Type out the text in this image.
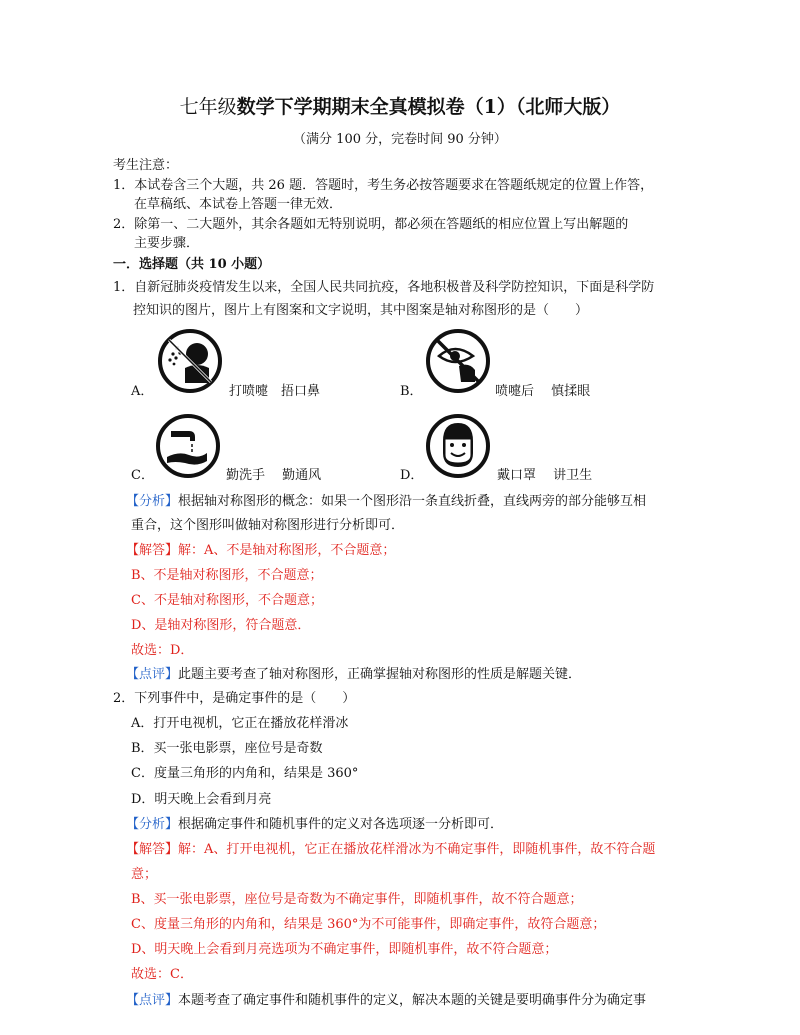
七年级数学下学期期末全真模拟卷（1）（北师大版）
（满分 100 分，完卷时间 90 分钟）
考生注意：
1．本试卷含三个大题，共 26 题．答题时，考生务必按答题要求在答题纸规定的位置上作答，
在草稿纸、本试卷上答题一律无效．
2．除第一、二大题外，其余各题如无特别说明，都必须在答题纸的相应位置上写出解题的
主要步骤．
一．选择题（共 10 小题）
1．自新冠肺炎疫情发生以来，全国人民共同抗疫，各地积极普及科学防控知识，下面是科学防
控知识的图片，图片上有图案和文字说明，其中图案是轴对称图形的是（　　）
A．	打喷嚏　捂口鼻	B．	喷嚏后　 慎揉眼
C．	勤洗手　 勤通风	D．	戴口罩　 讲卫生
【分析】根据轴对称图形的概念：如果一个图形沿一条直线折叠，直线两旁的部分能够互相
重合，这个图形叫做轴对称图形进行分析即可．
【解答】解：A、不是轴对称图形，不合题意；
B、不是轴对称图形，不合题意；
C、不是轴对称图形，不合题意；
D、是轴对称图形，符合题意．
故选：D．
【点评】此题主要考查了轴对称图形，正确掌握轴对称图形的性质是解题关键．
2．下列事件中，是确定事件的是（　　）
A．打开电视机，它正在播放花样滑冰
B．买一张电影票，座位号是奇数
C．度量三角形的内角和，结果是 360°
D．明天晚上会看到月亮
【分析】根据确定事件和随机事件的定义对各选项逐一分析即可．
【解答】解：A、打开电视机，它正在播放花样滑冰为不确定事件，即随机事件，故不符合题
意；
B、买一张电影票，座位号是奇数为不确定事件，即随机事件，故不符合题意；
C、度量三角形的内角和，结果是 360°为不可能事件，即确定事件，故符合题意；
D、明天晚上会看到月亮选项为不确定事件，即随机事件，故不符合题意；
故选：C．
【点评】本题考查了确定事件和随机事件的定义，解决本题的关键是要明确事件分为确定事
